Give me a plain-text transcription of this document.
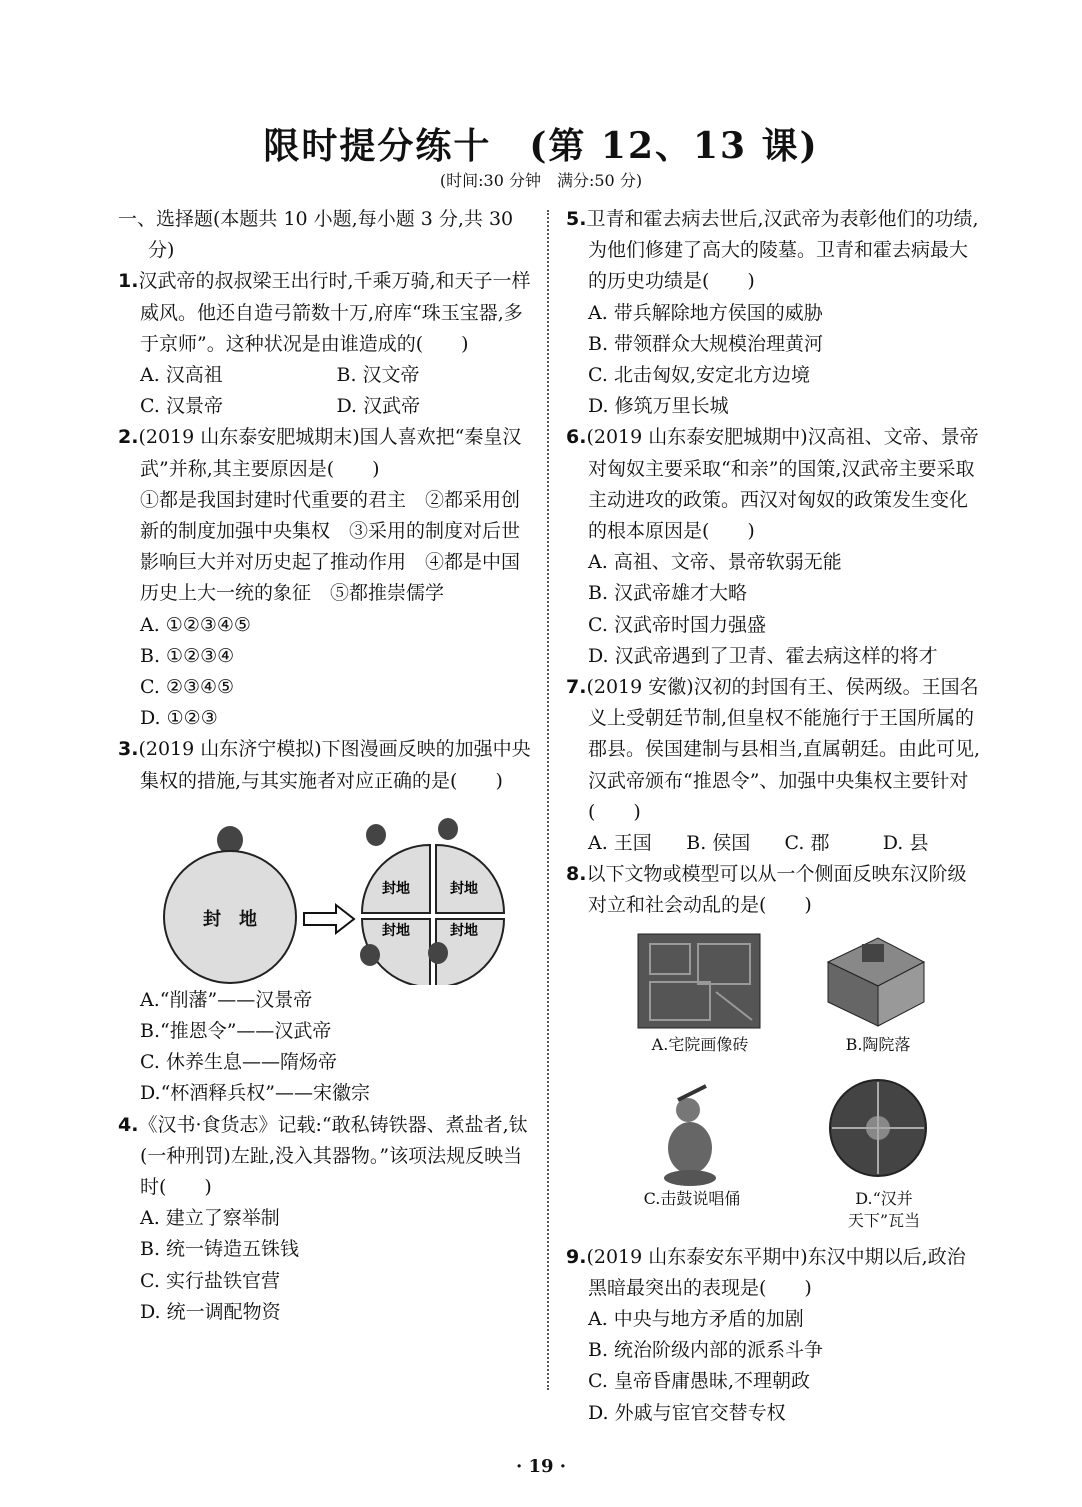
限时提分练十　(第 12、13 课)
(时间:30 分钟　满分:50 分)
一、选择题(本题共 10 小题,每小题 3 分,共 30 分)
1.汉武帝的叔叔梁王出行时,千乘万骑,和天子一样威风。他还自造弓箭数十万,府库“珠玉宝器,多于京师”。这种状况是由谁造成的(　　)
A. 汉高祖	B. 汉文帝
C. 汉景帝	D. 汉武帝
2.(2019 山东泰安肥城期末)国人喜欢把“秦皇汉武”并称,其主要原因是(　　)
①都是我国封建时代重要的君主　②都采用创新的制度加强中央集权　③采用的制度对后世影响巨大并对历史起了推动作用　④都是中国历史上大一统的象征　⑤都推崇儒学
A. ①②③④⑤
B. ①②③④
C. ②③④⑤
D. ①②③
3.(2019 山东济宁模拟)下图漫画反映的加强中央集权的措施,与其实施者对应正确的是(　　)
封　地
封地	封地
封地	封地
A.“削藩”——汉景帝
B.“推恩令”——汉武帝
C. 休养生息——隋炀帝
D.“杯酒释兵权”——宋徽宗
4.《汉书·食货志》记载:“敢私铸铁器、煮盐者,钛(一种刑罚)左趾,没入其器物。”该项法规反映当时(　　)
A. 建立了察举制
B. 统一铸造五铢钱
C. 实行盐铁官营
D. 统一调配物资
5.卫青和霍去病去世后,汉武帝为表彰他们的功绩,为他们修建了高大的陵墓。卫青和霍去病最大的历史功绩是(　　)
A. 带兵解除地方侯国的威胁
B. 带领群众大规模治理黄河
C. 北击匈奴,安定北方边境
D. 修筑万里长城
6.(2019 山东泰安肥城期中)汉高祖、文帝、景帝对匈奴主要采取“和亲”的国策,汉武帝主要采取主动进攻的政策。西汉对匈奴的政策发生变化的根本原因是(　　)
A. 高祖、文帝、景帝软弱无能
B. 汉武帝雄才大略
C. 汉武帝时国力强盛
D. 汉武帝遇到了卫青、霍去病这样的将才
7.(2019 安徽)汉初的封国有王、侯两级。王国名义上受朝廷节制,但皇权不能施行于王国所属的郡县。侯国建制与县相当,直属朝廷。由此可见,汉武帝颁布“推恩令”、加强中央集权主要针对(　　)
A. 王国	B. 侯国	C. 郡	D. 县
8.以下文物或模型可以从一个侧面反映东汉阶级对立和社会动乱的是(　　)
A.宅院画像砖	B.陶院落
C.击鼓说唱俑	D.“汉并
天下”瓦当
9.(2019 山东泰安东平期中)东汉中期以后,政治黑暗最突出的表现是(　　)
A. 中央与地方矛盾的加剧
B. 统治阶级内部的派系斗争
C. 皇帝昏庸愚昧,不理朝政
D. 外戚与宦官交替专权
· 19 ·
